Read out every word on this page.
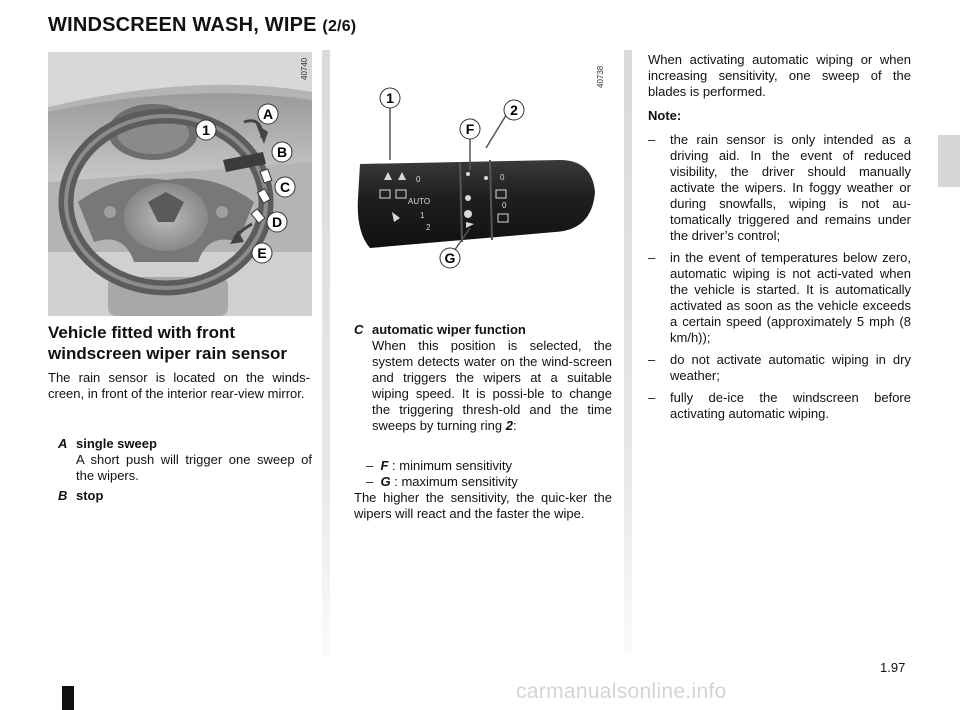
WINDSCREEN WASH, WIPE (2/6)
1
A
B
C
D
E
40740
0
AUTO
1
2
0
0
1
2
F
G
40738
Vehicle fitted with front windscreen wiper rain sensor
The rain sensor is located on the winds-creen, in front of the interior rear-view mirror.
A single sweep
A short push will trigger one sweep of the wipers.
B stop
C automatic wiper function
When this position is selected, the system detects water on the wind-screen and triggers the wipers at a suitable wiping speed. It is possi-ble to change the triggering thresh-old and the time sweeps by turning ring 2:
– F : minimum sensitivity
– G : maximum sensitivity
The higher the sensitivity, the quic-ker the wipers will react and the faster the wipe.
When activating automatic wiping or when increasing sensitivity, one sweep of the blades is performed.
Note:
– the rain sensor is only intended as a driving aid. In the event of reduced visibility, the driver should manually activate the wipers. In foggy weather or during snowfalls, wiping is not au-tomatically triggered and remains under the driver’s control;
– in the event of temperatures below zero, automatic wiping is not acti-vated when the vehicle is started. It is automatically activated as soon as the vehicle exceeds a certain speed (approximately 5 mph (8 km/h));
– do not activate automatic wiping in dry weather;
– fully de-ice the windscreen before activating automatic wiping.
1.97
carmanualsonline.info
